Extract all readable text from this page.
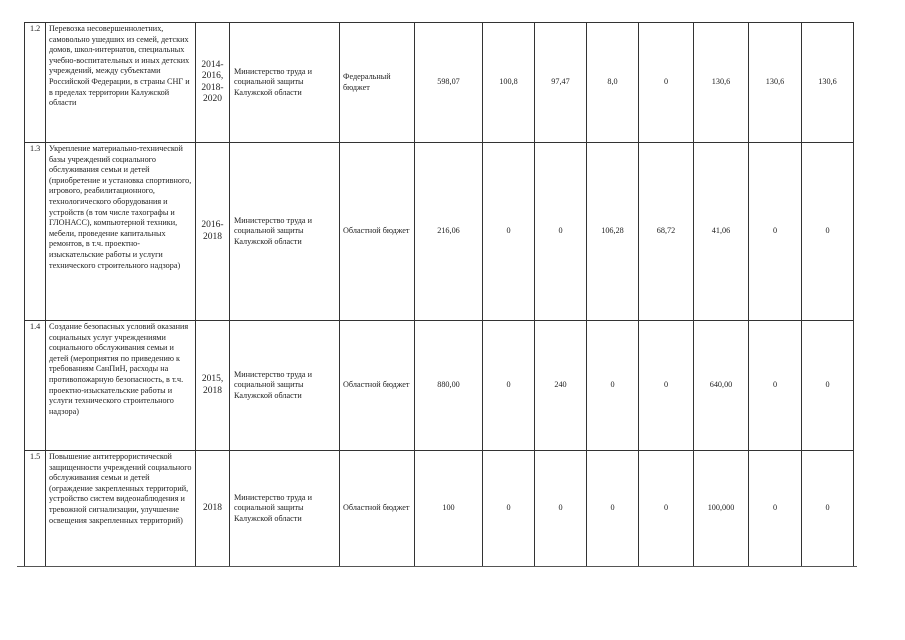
1.2	Перевозка несовершеннолетних, самовольно ушедших из семей, детских домов, школ-интернатов, специальных учебно-воспитательных и иных детских учреждений, между субъектами Российской Федерации, в страны СНГ и в пределах территории Калужской области	2014-2016, 2018-2020	Министерство труда и социальной защиты Калужской области	Федеральный бюджет	598,07	100,8	97,47	8,0	0	130,6	130,6	130,6

1.3	Укрепление материально-технической базы учреждений социального обслуживания семьи и детей (приобретение и установка спортивного, игрового, реабилитационного, технологического оборудования и устройств (в том числе тахографы и ГЛОНАСС), компьютерной техники, мебели, проведение капитальных ремонтов, в т.ч. проектно-изыскательские работы и услуги технического строительного надзора)	2016-2018	Министерство труда и социальной защиты Калужской области	Областной бюджет	216,06	0	0	106,28	68,72	41,06	0	0

1.4	Создание безопасных условий оказания социальных услуг учреждениями социального обслуживания семьи и детей (мероприятия по приведению к требованиям СанПиН, расходы на противопожарную безопасность, в т.ч. проектно-изыскательские работы и услуги технического строительного надзора)	2015, 2018	Министерство труда и социальной защиты Калужской области	Областной бюджет	880,00	0	240	0	0	640,00	0	0

1.5	Повышение антитеррористической защищенности учреждений социального обслуживания семьи и детей (ограждение закрепленных территорий, устройство систем видеонаблюдения и тревожной сигнализации, улучшение освещения закрепленных территорий)	2018	Министерство труда и социальной защиты Калужской области	Областной бюджет	100	0	0	0	0	100,000	0	0
